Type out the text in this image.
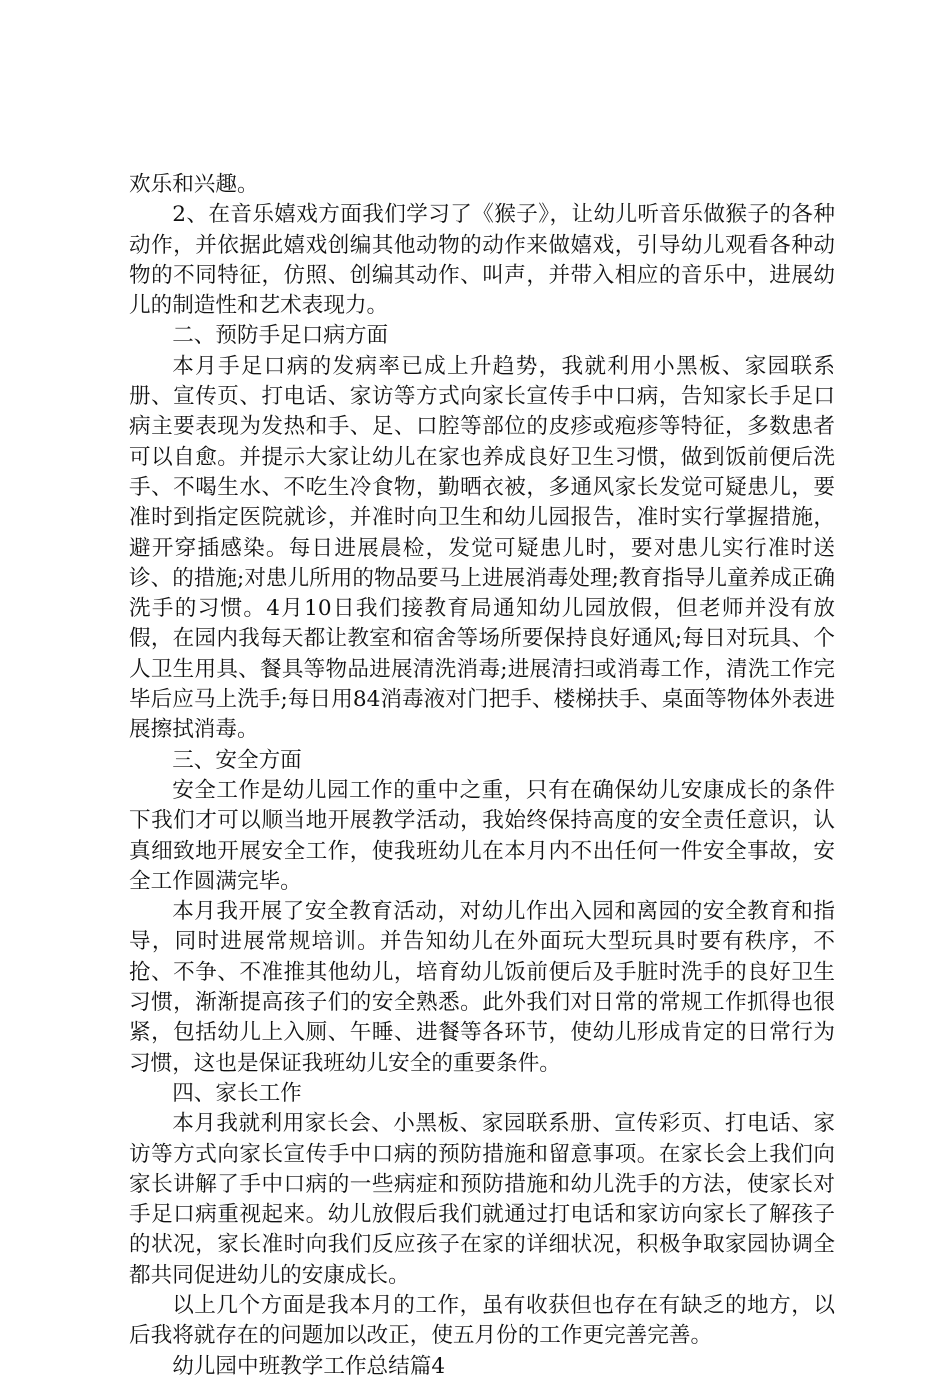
欢乐和兴趣。

2、在音乐嬉戏方面我们学习了《猴子》，让幼儿听音乐做猴子的各种动作，并依据此嬉戏创编其他动物的动作来做嬉戏，引导幼儿观看各种动物的不同特征，仿照、创编其动作、叫声，并带入相应的音乐中，进展幼儿的制造性和艺术表现力。

二、预防手足口病方面

本月手足口病的发病率已成上升趋势，我就利用小黑板、家园联系册、宣传页、打电话、家访等方式向家长宣传手中口病，告知家长手足口病主要表现为发热和手、足、口腔等部位的皮疹或疱疹等特征，多数患者可以自愈。并提示大家让幼儿在家也养成良好卫生习惯，做到饭前便后洗手、不喝生水、不吃生冷食物，勤晒衣被，多通风家长发觉可疑患儿，要准时到指定医院就诊，并准时向卫生和幼儿园报告，准时实行掌握措施，避开穿插感染。每日进展晨检，发觉可疑患儿时，要对患儿实行准时送诊、的措施;对患儿所用的物品要马上进展消毒处理;教育指导儿童养成正确洗手的习惯。4月10日我们接教育局通知幼儿园放假，但老师并没有放假，在园内我每天都让教室和宿舍等场所要保持良好通风;每日对玩具、个人卫生用具、餐具等物品进展清洗消毒;进展清扫或消毒工作，清洗工作完毕后应马上洗手;每日用84消毒液对门把手、楼梯扶手、桌面等物体外表进展擦拭消毒。

三、安全方面

安全工作是幼儿园工作的重中之重，只有在确保幼儿安康成长的条件下我们才可以顺当地开展教学活动，我始终保持高度的安全责任意识，认真细致地开展安全工作，使我班幼儿在本月内不出任何一件安全事故，安全工作圆满完毕。

本月我开展了安全教育活动，对幼儿作出入园和离园的安全教育和指导，同时进展常规培训。并告知幼儿在外面玩大型玩具时要有秩序，不抢、不争、不准推其他幼儿，培育幼儿饭前便后及手脏时洗手的良好卫生习惯，渐渐提高孩子们的安全熟悉。此外我们对日常的常规工作抓得也很紧，包括幼儿上入厕、午睡、进餐等各环节，使幼儿形成肯定的日常行为习惯，这也是保证我班幼儿安全的重要条件。

四、家长工作

本月我就利用家长会、小黑板、家园联系册、宣传彩页、打电话、家访等方式向家长宣传手中口病的预防措施和留意事项。在家长会上我们向家长讲解了手中口病的一些病症和预防措施和幼儿洗手的方法，使家长对手足口病重视起来。幼儿放假后我们就通过打电话和家访向家长了解孩子的状况，家长准时向我们反应孩子在家的详细状况，积极争取家园协调全都共同促进幼儿的安康成长。

以上几个方面是我本月的工作，虽有收获但也存在有缺乏的地方，以后我将就存在的问题加以改正，使五月份的工作更完善完善。

幼儿园中班教学工作总结篇4
